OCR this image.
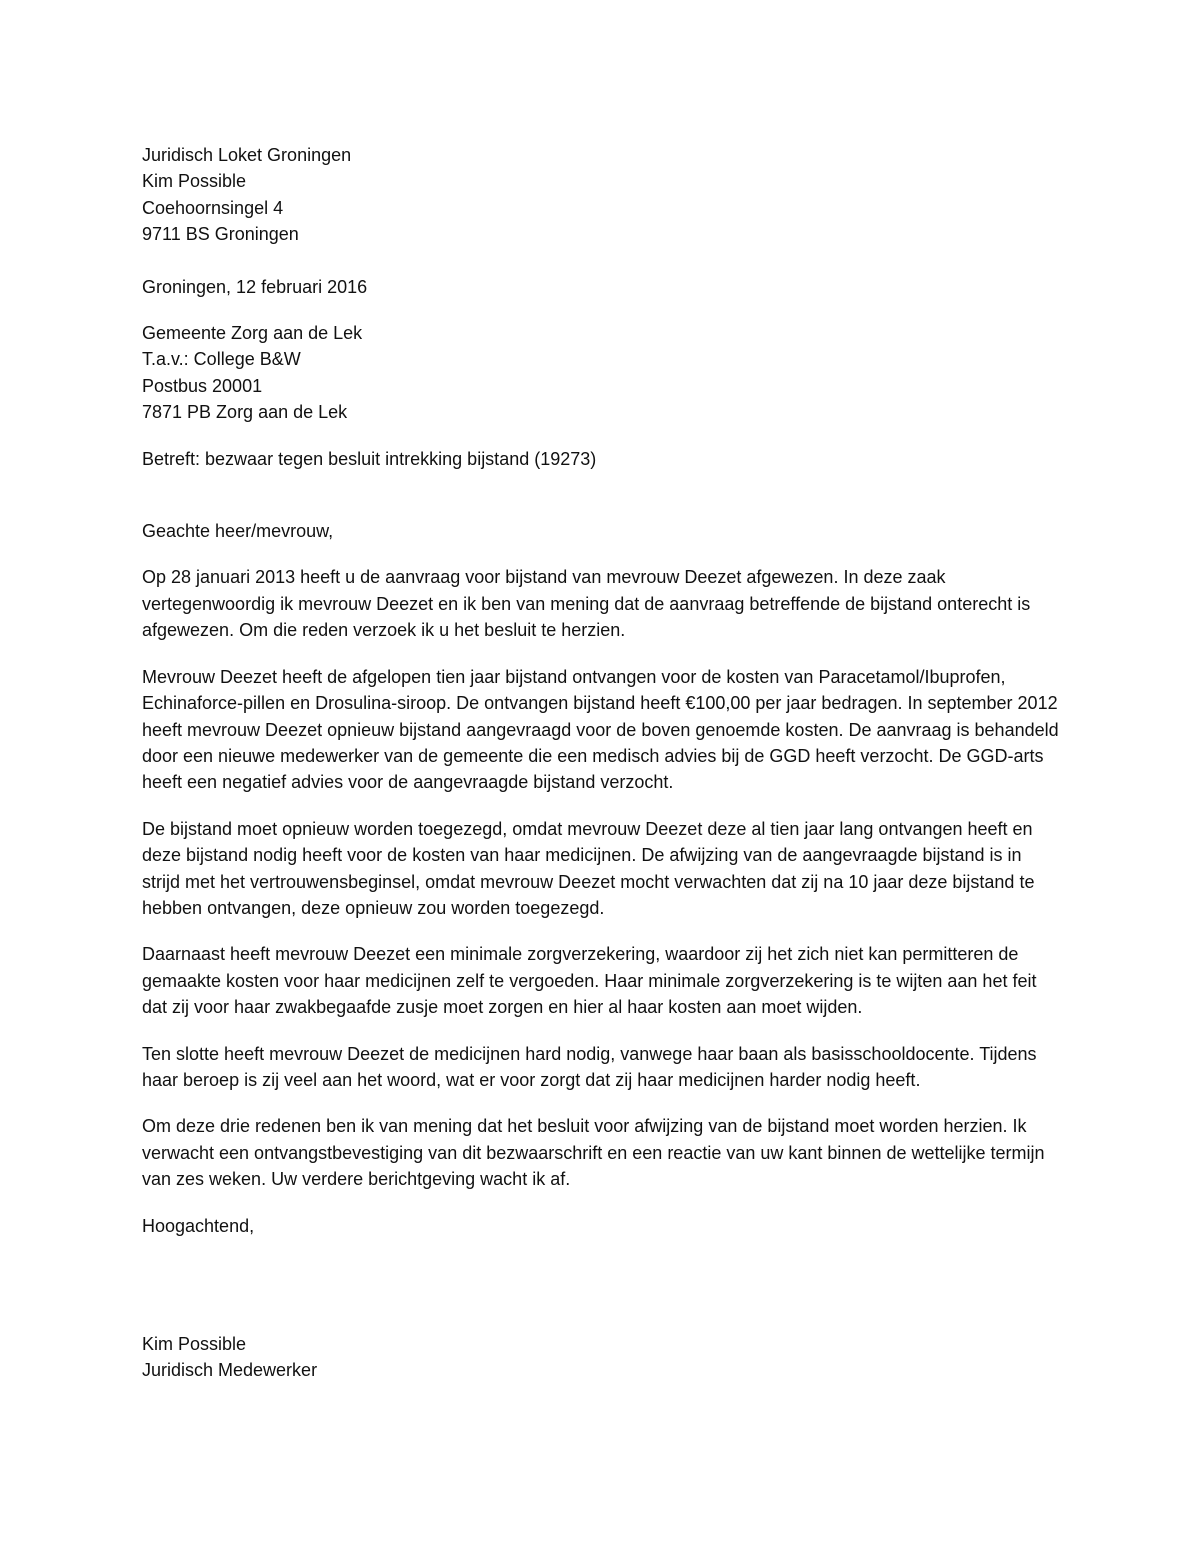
Juridisch Loket Groningen

Kim Possible

Coehoornsingel 4

9711 BS Groningen

Groningen, 12 februari 2016

Gemeente Zorg aan de Lek

T.a.v.: College B&W

Postbus 20001

7871 PB Zorg aan de Lek

Betreft: bezwaar tegen besluit intrekking bijstand (19273)

Geachte heer/mevrouw,

Op 28 januari 2013 heeft u de aanvraag voor bijstand van mevrouw Deezet afgewezen. In deze zaak vertegenwoordig ik mevrouw Deezet en ik ben van mening dat de aanvraag betreffende de bijstand onterecht is afgewezen. Om die reden verzoek ik u het besluit te herzien.

Mevrouw Deezet heeft de afgelopen tien jaar bijstand ontvangen voor de kosten van Paracetamol/Ibuprofen, Echinaforce-pillen en Drosulina-siroop. De ontvangen bijstand heeft €100,00 per jaar bedragen. In september 2012 heeft mevrouw Deezet opnieuw bijstand aangevraagd voor de boven genoemde kosten. De aanvraag is behandeld door een nieuwe medewerker van de gemeente die een medisch advies bij de GGD heeft verzocht. De GGD-arts heeft een negatief advies voor de aangevraagde bijstand verzocht.

De bijstand moet opnieuw worden toegezegd, omdat mevrouw Deezet deze al tien jaar lang ontvangen heeft en deze bijstand nodig heeft voor de kosten van haar medicijnen. De afwijzing van de aangevraagde bijstand is in strijd met het vertrouwensbeginsel, omdat mevrouw Deezet mocht verwachten dat zij na 10 jaar deze bijstand te hebben ontvangen, deze opnieuw zou worden toegezegd.

Daarnaast heeft mevrouw Deezet een minimale zorgverzekering, waardoor zij het zich niet kan permitteren de gemaakte kosten voor haar medicijnen zelf te vergoeden. Haar minimale zorgverzekering is te wijten aan het feit dat zij voor haar zwakbegaafde zusje moet zorgen en hier al haar kosten aan moet wijden.

Ten slotte heeft mevrouw Deezet de medicijnen hard nodig, vanwege haar baan als basisschooldocente. Tijdens haar beroep is zij veel aan het woord, wat er voor zorgt dat zij haar medicijnen harder nodig heeft.

Om deze drie redenen ben ik van mening dat het besluit voor afwijzing van de bijstand moet worden herzien. Ik verwacht een ontvangstbevestiging van dit bezwaarschrift en een reactie van uw kant binnen de wettelijke termijn van zes weken. Uw verdere berichtgeving wacht ik af.

Hoogachtend,

Kim Possible

Juridisch Medewerker
